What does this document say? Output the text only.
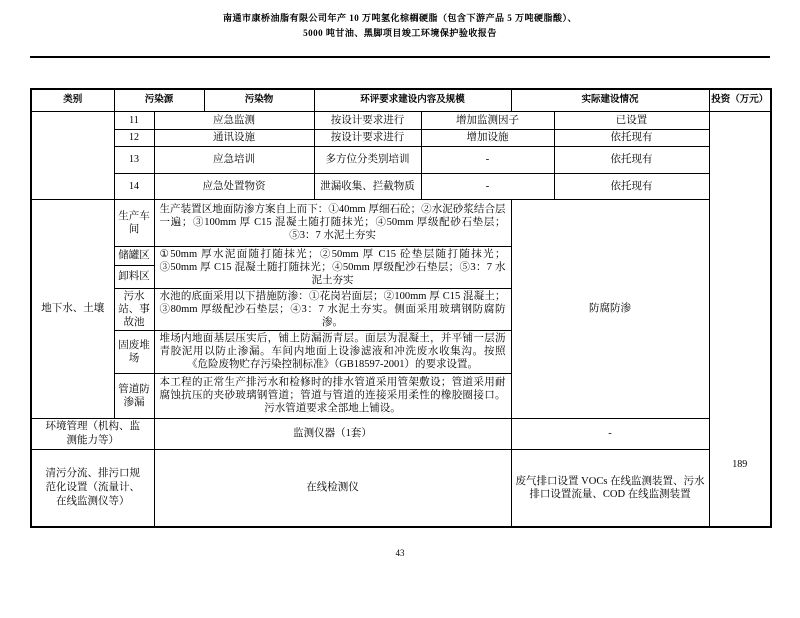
南通市康桥油脂有限公司年产 10 万吨氢化棕榈硬脂（包含下游产品 5 万吨硬脂酸）、
5000 吨甘油、黑脚项目竣工环境保护验收报告
类别	污染源		污染物	环评要求建设内容及规模		实际建设情况		投资（万元）
	11	应急监测		按设计要求进行	增加监测因子		已设置	189
	12	通讯设施		按设计要求进行	增加设施		依托现有	
	13	应急培训		多方位分类别培训	-		依托现有	
	14	应急处置物资		泄漏收集、拦截物质	-		依托现有	
地下水、土壤	生产车间	生产装置区地面防渗方案自上而下：①40mm 厚细石砼；②水泥砂浆结合层一遍；③100mm 厚 C15 混凝土随打随抹光；④50mm 厚级配砂石垫层；⑤3：7 水泥土夯实				防腐防渗		
	储罐区	①50mm 厚水泥面随打随抹光；②50mm 厚 C15 砼垫层随打随抹光；③50mm 厚 C15 混凝土随打随抹光；④50mm 厚级配沙石垫层；⑤3：7 水泥土夯实						
	卸料区							
	污水站、事故池	水池的底面采用以下措施防渗：①花岗岩面层；②100mm 厚 C15 混凝土；③80mm 厚级配沙石垫层；④3：7 水泥土夯实。侧面采用玻璃钢防腐防渗。						
	固废堆场	堆场内地面基层压实后，铺上防漏沥青层。面层为混凝土，并平铺一层沥青胶泥用以防止渗漏。车间内地面上设渗滤液和冲洗废水收集沟。按照《危险废物贮存污染控制标准》（GB18597-2001）的要求设置。						
	管道防渗漏	本工程的正常生产排污水和检修时的排水管道采用管架敷设；管道采用耐腐蚀抗压的夹砂玻璃钢管道；管道与管道的连接采用柔性的橡胶圈接口。污水管道要求全部地上铺设。						
环境管理（机构、监测能力等）		监测仪器（1套）				-		
清污分流、排污口规范化设置（流量计、在线监测仪等）		在线检测仪				废气排口设置 VOCs 在线监测装置、污水排口设置流量、COD 在线监测装置		
43
